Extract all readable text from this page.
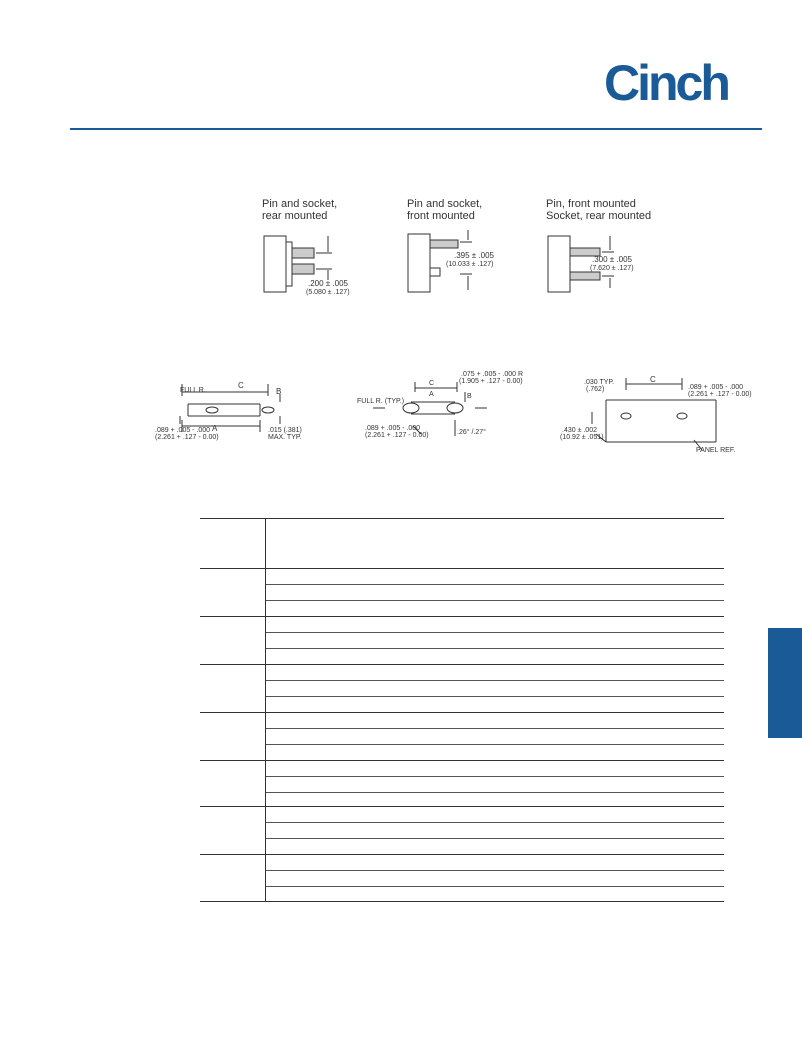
Cinch
Pin and socket,
rear mounted
Pin and socket,
front mounted
Pin, front mounted
Socket, rear mounted
.200 ± .005
(5.080 ± .127)
.395 ± .005
(10.033 ± .127)
.300 ± .005
(7.620 ± .127)
FULL R.
C
B
A
.089 + .005 - .000
(2.261 + .127 - 0.00)
.015 (.381)
MAX. TYP.
FULL R. (TYP.)
C
A	B
.075 + .005 - .000 R
(1.905 + .127 - 0.00)
.089 + .005 - .000
(2.261 + .127 - 0.00)	.26° /.27°
.030 TYP.
(.762)
C
.089 + .005 - .000
(2.261 + .127 - 0.00)
.430 ± .002
(10.92 ± .051)
PANEL REF.
